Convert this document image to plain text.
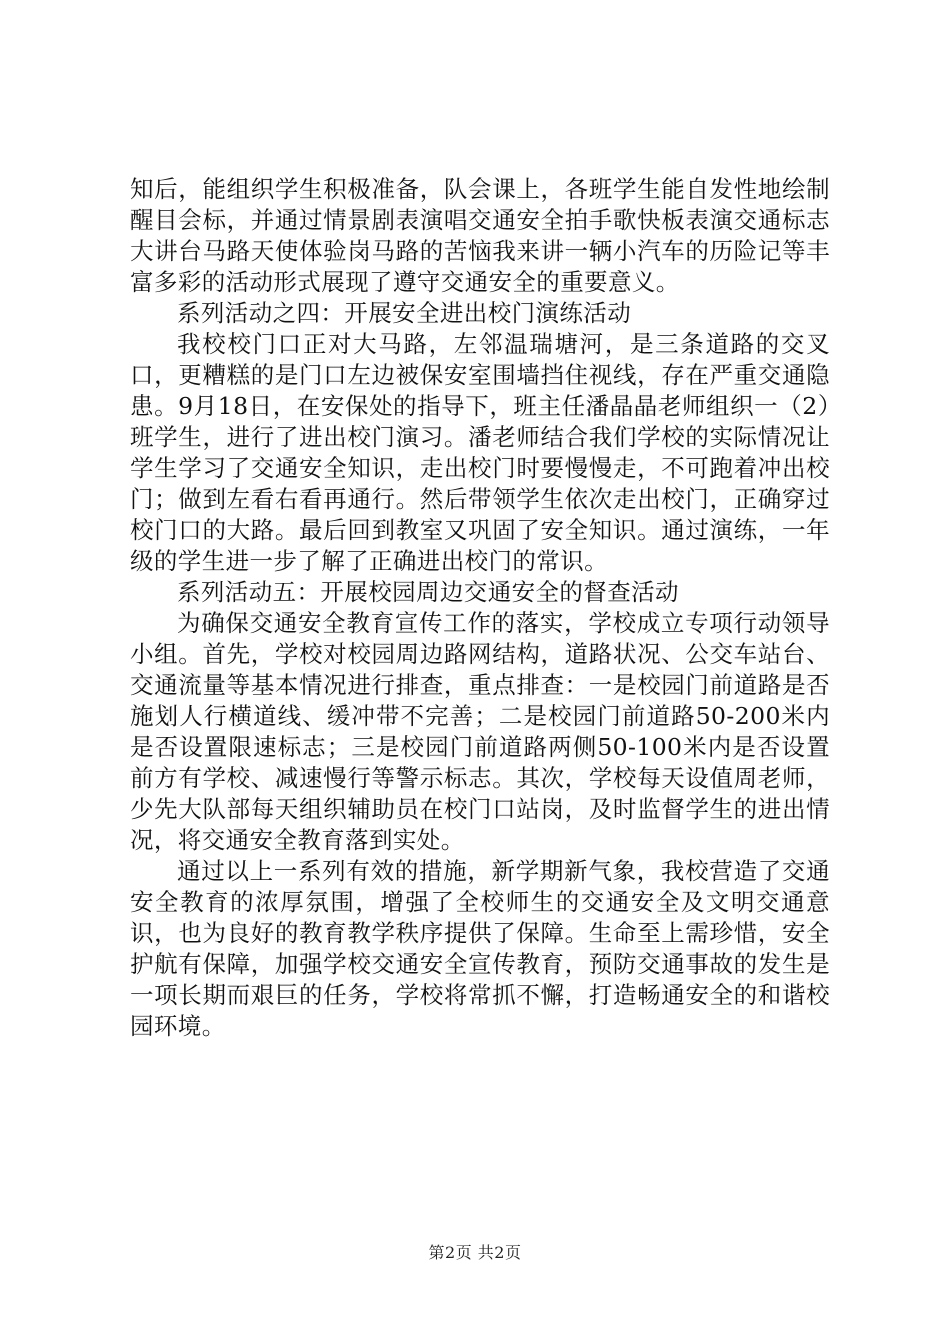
知后，能组织学生积极准备，队会课上，各班学生能自发性地绘制醒目会标，并通过情景剧表演唱交通安全拍手歌快板表演交通标志大讲台马路天使体验岗马路的苦恼我来讲一辆小汽车的历险记等丰富多彩的活动形式展现了遵守交通安全的重要意义。

系列活动之四：开展安全进出校门演练活动

我校校门口正对大马路，左邻温瑞塘河，是三条道路的交叉口，更糟糕的是门口左边被保安室围墙挡住视线，存在严重交通隐患。9月18日，在安保处的指导下，班主任潘晶晶老师组织一（2）班学生，进行了进出校门演习。潘老师结合我们学校的实际情况让学生学习了交通安全知识，走出校门时要慢慢走，不可跑着冲出校门；做到左看右看再通行。然后带领学生依次走出校门，正确穿过校门口的大路。最后回到教室又巩固了安全知识。通过演练，一年级的学生进一步了解了正确进出校门的常识。

系列活动五：开展校园周边交通安全的督查活动

为确保交通安全教育宣传工作的落实，学校成立专项行动领导小组。首先，学校对校园周边路网结构，道路状况、公交车站台、交通流量等基本情况进行排查，重点排查：一是校园门前道路是否施划人行横道线、缓冲带不完善；二是校园门前道路50-200米内是否设置限速标志；三是校园门前道路两侧50-100米内是否设置前方有学校、减速慢行等警示标志。其次，学校每天设值周老师，少先大队部每天组织辅助员在校门口站岗，及时监督学生的进出情况，将交通安全教育落到实处。

通过以上一系列有效的措施，新学期新气象，我校营造了交通安全教育的浓厚氛围，增强了全校师生的交通安全及文明交通意识，也为良好的教育教学秩序提供了保障。生命至上需珍惜，安全护航有保障，加强学校交通安全宣传教育，预防交通事故的发生是一项长期而艰巨的任务，学校将常抓不懈，打造畅通安全的和谐校园环境。

第2页 共2页
